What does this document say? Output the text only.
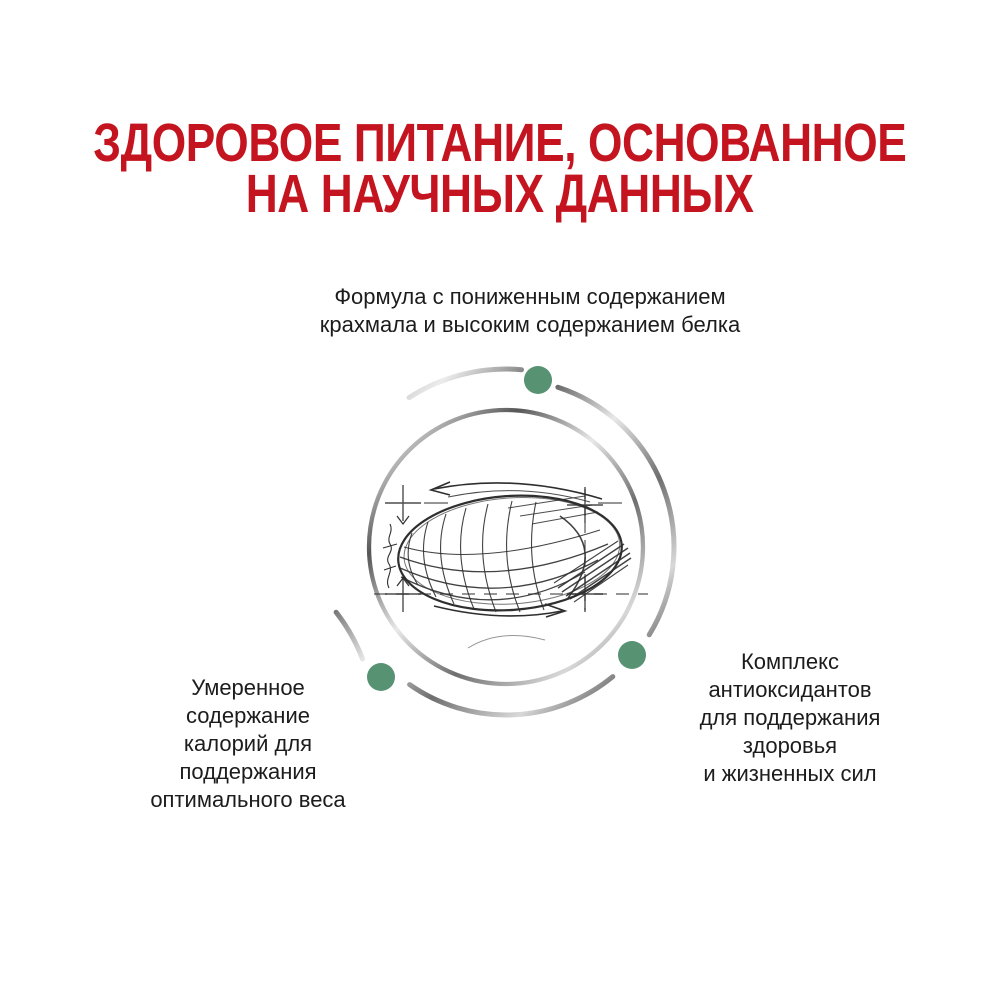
ЗДОРОВОЕ ПИТАНИЕ, ОСНОВАННОЕ
НА НАУЧНЫХ ДАННЫХ
Формула с пониженным содержанием
крахмала и высоким содержанием белка
Умеренное
содержание
калорий для
поддержания
оптимального веса
Комплекс
антиоксидантов
для поддержания
здоровья
и жизненных сил
